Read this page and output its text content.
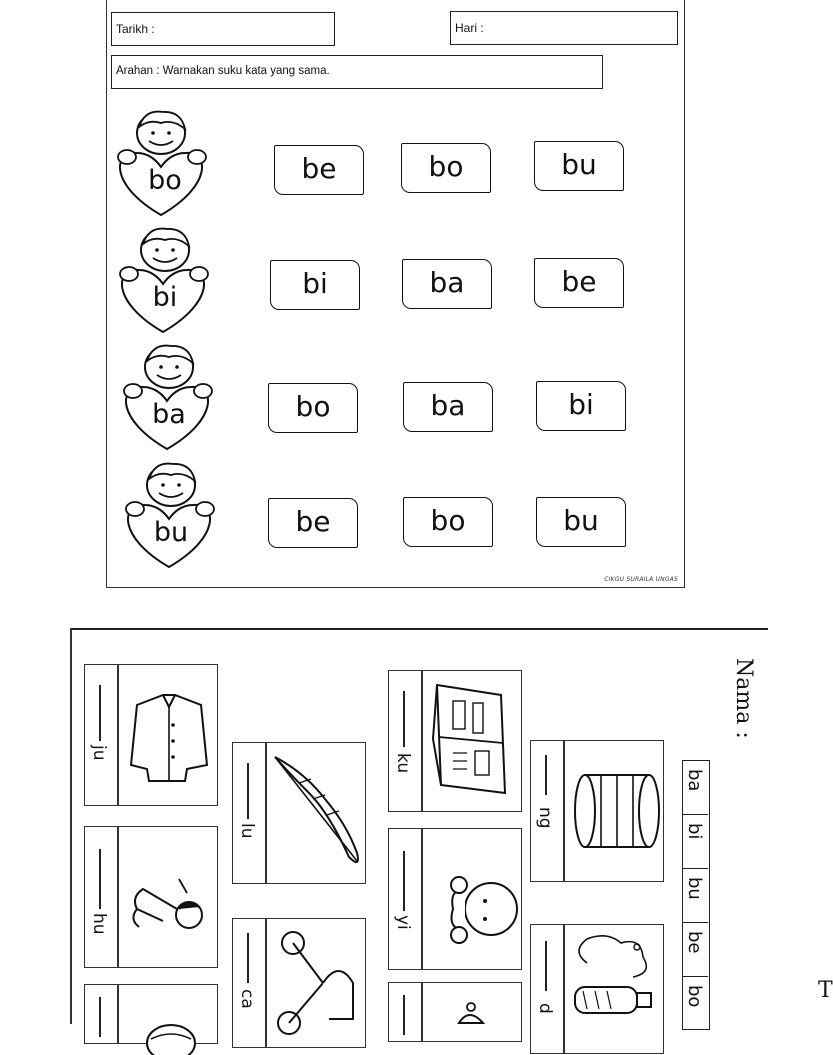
Tarikh :	Hari :
Arahan : Warnakan suku kata yang sama.
bo	be	bo	bu
bi	bi	ba	be
ba	bo	ba	bi
bu	be	bo	bu
CIKGU SURAILA UNGAS
ju
hu
lu
ca
ku
yi
ng
d
Nama :
ba
bi
bu
be
bo	T
